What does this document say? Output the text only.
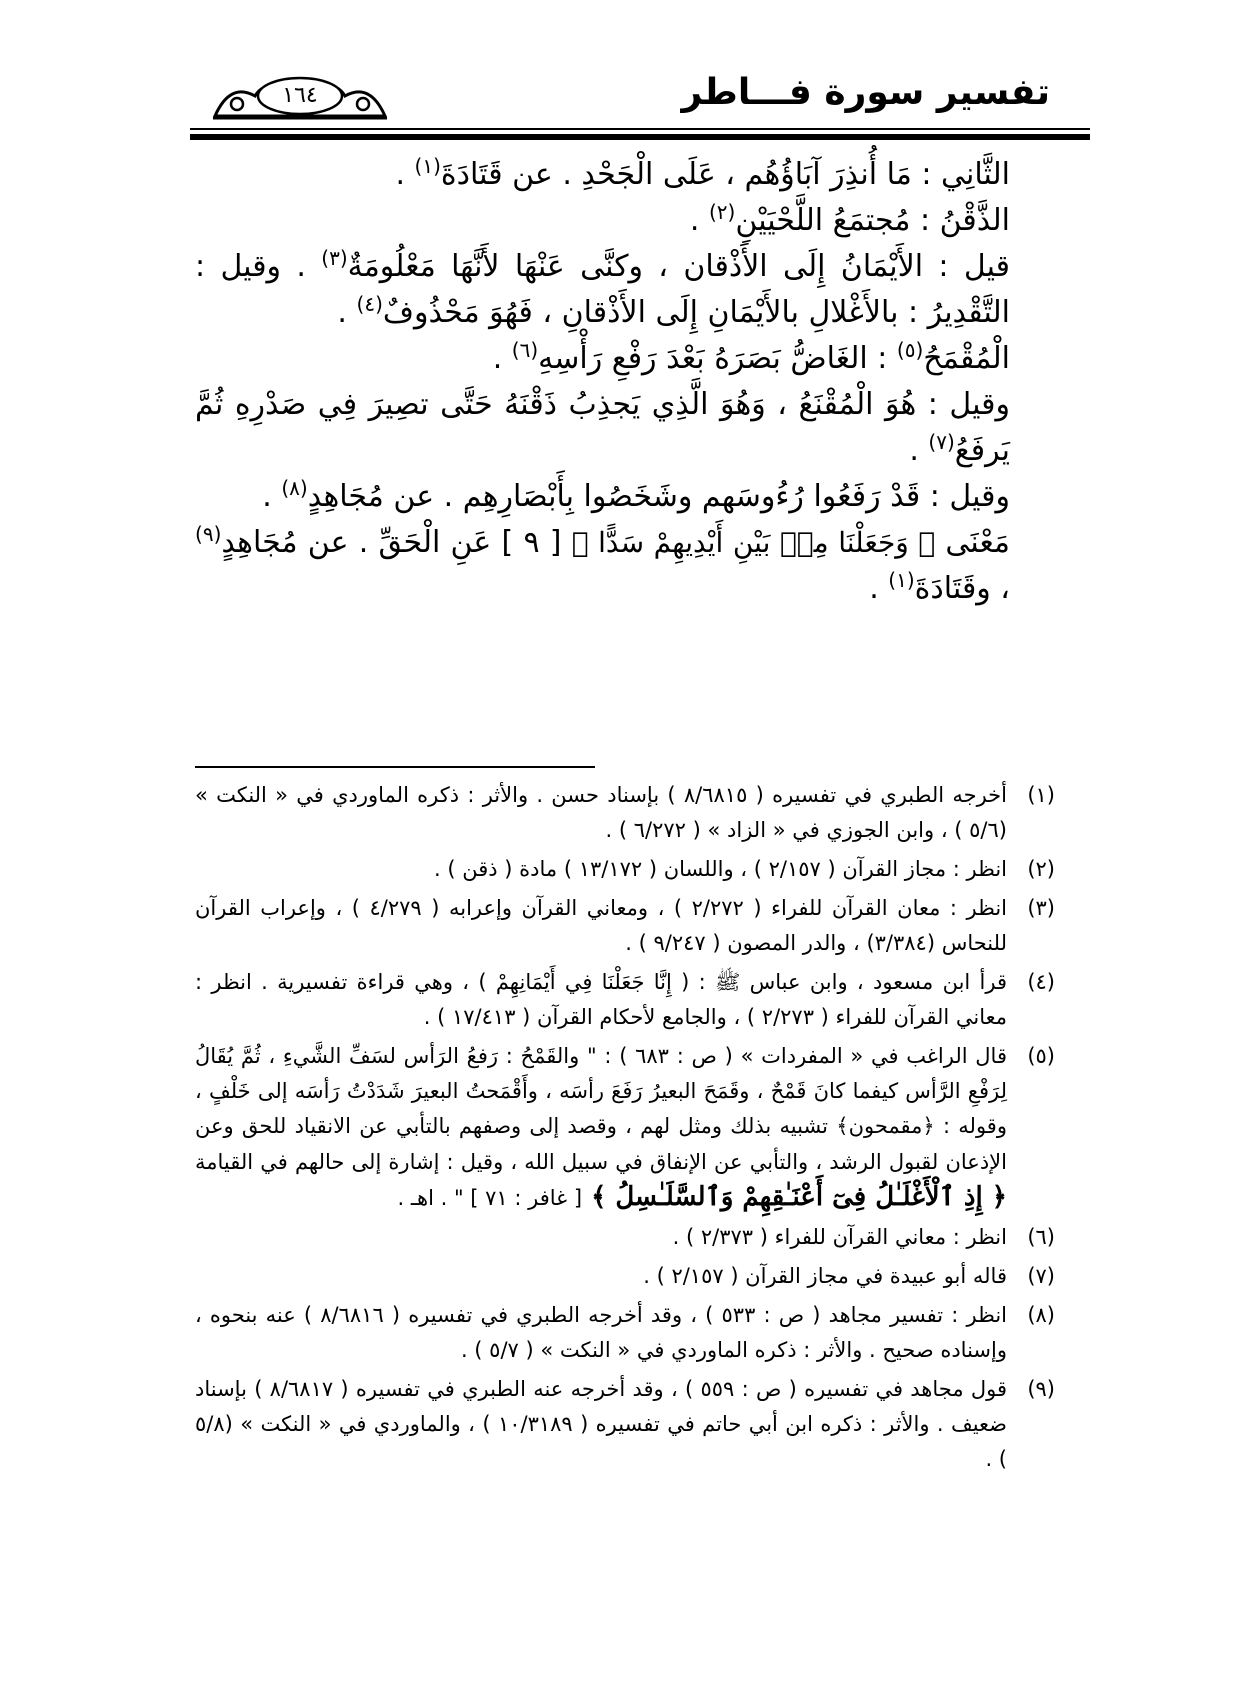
تفسير سورة فـــاطر
١٦٤

الثَّانِي : مَا أُنذِرَ آبَاؤُهُم ، عَلَى الْجَحْدِ . عن قَتَادَةَ$^{(١)}$ .

الذَّقْنُ : مُجتمَعُ اللَّحْيَيْنِ$^{(٢)}$ .

قيل : الأَيْمَانُ إِلَى الأَذْقان ، وكنَّى عَنْهَا لأَنَّهَا مَعْلُومَةٌ$^{(٣)}$ . وقيل : التَّقْدِيرُ : بالأَغْلالِ بالأَيْمَانِ إِلَى الأَذْقانِ ، فَهُوَ مَحْذُوفٌ$^{(٤)}$ .

الْمُقْمَحُ$^{(٥)}$ : الغَاضُّ بَصَرَهُ بَعْدَ رَفْعِ رَأْسِهِ$^{(٦)}$ .

وقيل : هُوَ الْمُقْنَعُ ، وَهُوَ الَّذِي يَجذِبُ ذَقْنَهُ حَتَّى تصِيرَ فِي صَدْرِهِ ثُمَّ يَرفَعُ$^{(٧)}$ .

وقيل : قَدْ رَفَعُوا رُءُوسَهم وشَخَصُوا بِأَبْصَارِهِم . عن مُجَاهِدٍ$^{(٨)}$ .

مَعْنَى ﴿ وَجَعَلْنَا مِنۢ بَيْنِ أَيْدِيهِمْ سَدًّا ﴾ [ ٩ ] عَنِ الْحَقِّ . عن مُجَاهِدٍ$^{(٩)}$ ، وقَتَادَةَ$^{(١)}$ .

(١)
أخرجه الطبري في تفسيره ( ٨/٦٨١٥ ) بإسناد حسن . والأثر : ذكره الماوردي في « النكت » (٥/٦ ) ، وابن الجوزي في « الزاد » ( ٦/٢٧٢ ) .
(٢)
انظر : مجاز القرآن ( ٢/١٥٧ ) ، واللسان ( ١٣/١٧٢ ) مادة ( ذقن ) .
(٣)
انظر : معان القرآن للفراء ( ٢/٢٧٢ ) ، ومعاني القرآن وإعرابه ( ٤/٢٧٩ ) ، وإعراب القرآن للنحاس (٣/٣٨٤) ، والدر المصون ( ٩/٢٤٧ ) .
(٤)
قرأ ابن مسعود ، وابن عباس ﷺ : ( إِنَّا جَعَلْنَا فِي أَيْمَانِهِمْ ) ، وهي قراءة تفسيرية . انظر : معاني القرآن للفراء ( ٢/٢٧٣ ) ، والجامع لأحكام القرآن ( ١٧/٤١٣ ) .
(٥)
قال الراغب في « المفردات » ( ص : ٦٨٣ ) : " والقَمْحُ : رَفعُ الرَأس لسَفِّ الشَّيءِ ، ثُمَّ يُقَالُ لِرَفْعِ الرَّأس كيفما كانَ قَمْحٌ ، وقَمَحَ البعيرُ رَفَعَ رأسَه ، وأَقْمَحتُ البعيرَ شَدَدْتُ رَأسَه إلى خَلْفٍ ، وقوله : ﴿مقمحون﴾ تشبيه بذلك ومثل لهم ، وقصد إلى وصفهم بالتأبي عن الانقياد للحق وعن الإذعان لقبول الرشد ، والتأبي عن الإنفاق في سبيل الله ، وقيل : إشارة إلى حالهم في القيامة ﴿ إِذِ ٱلْأَغْلَـٰلُ فِىٓ أَعْنَـٰقِهِمْ وَٱلسَّلَـٰسِلُ ﴾ [ غافر : ٧١ ] " . اهـ .
(٦)
انظر : معاني القرآن للفراء ( ٢/٣٧٣ ) .
(٧)
قاله أبو عبيدة في مجاز القرآن ( ٢/١٥٧ ) .
(٨)
انظر : تفسير مجاهد ( ص : ٥٣٣ ) ، وقد أخرجه الطبري في تفسيره ( ٨/٦٨١٦ ) عنه بنحوه ، وإسناده صحيح . والأثر : ذكره الماوردي في « النكت » ( ٥/٧ ) .
(٩)
قول مجاهد في تفسيره ( ص : ٥٥٩ ) ، وقد أخرجه عنه الطبري في تفسيره ( ٨/٦٨١٧ ) بإسناد ضعيف . والأثر : ذكره ابن أبي حاتم في تفسيره ( ١٠/٣١٨٩ ) ، والماوردي في « النكت » (٥/٨ ) .
